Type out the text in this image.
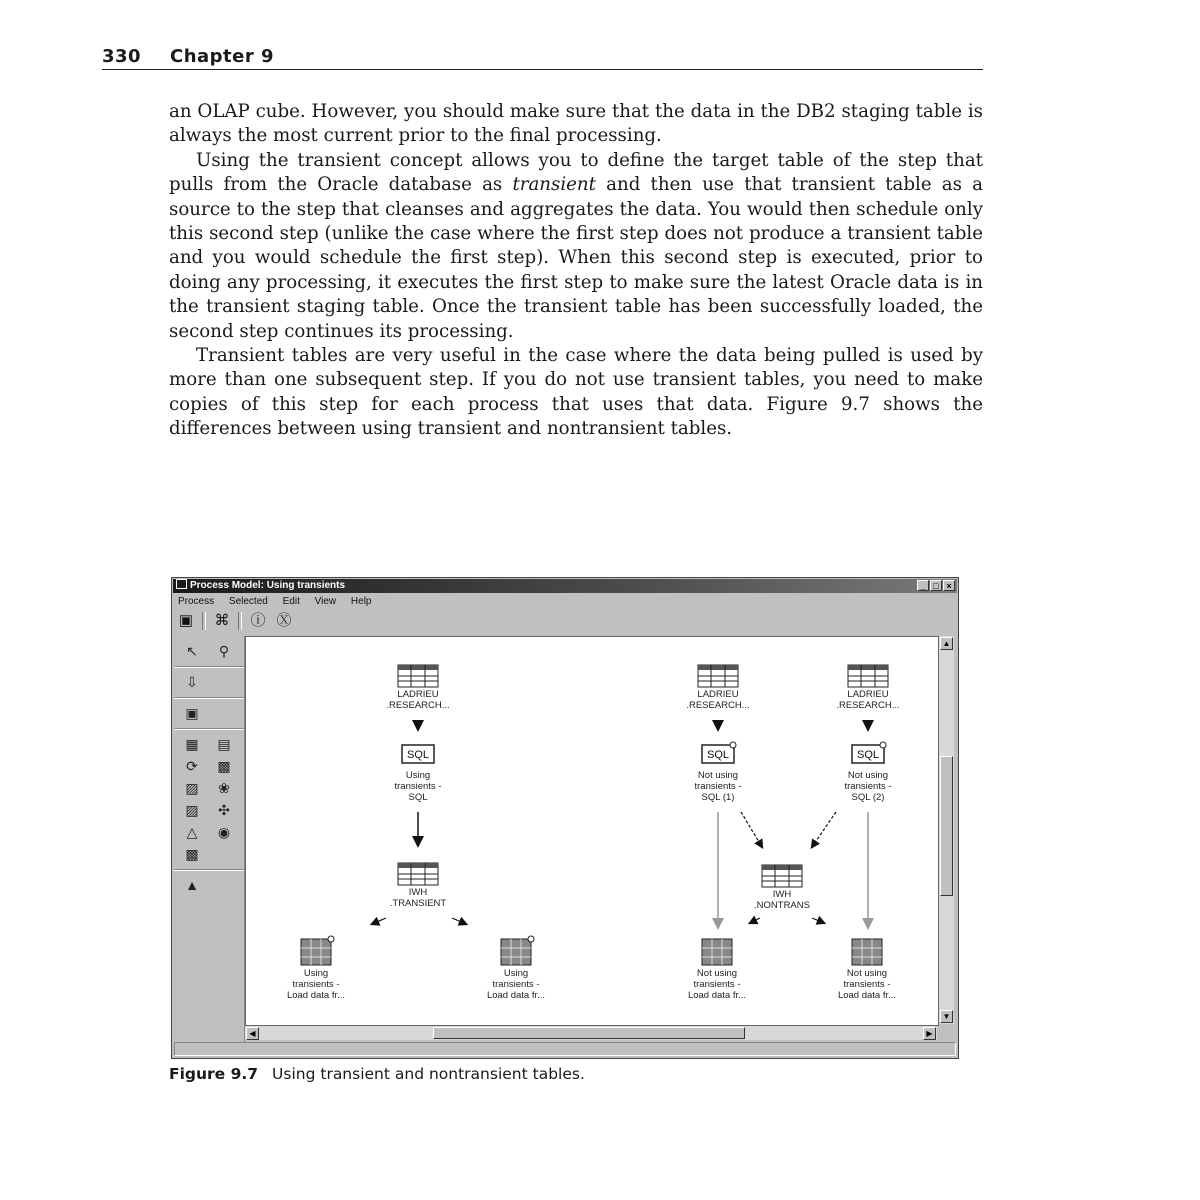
330 Chapter 9

an OLAP cube. However, you should make sure that the data in the DB2 staging table is always the most current prior to the final processing.

Using the transient concept allows you to define the target table of the step that pulls from the Oracle database as transient and then use that transient table as a source to the step that cleanses and aggregates the data. You would then schedule only this second step (unlike the case where the first step does not produce a transient table and you would schedule the first step). When this second step is executed, prior to doing any processing, it executes the first step to make sure the latest Oracle data is in the transient staging table. Once the transient table has been successfully loaded, the second step continues its processing.

Transient tables are very useful in the case where the data being pulled is used by more than one subsequent step. If you do not use transient tables, you need to make copies of this step for each process that uses that data. Figure 9.7 shows the differences between using transient and nontransient tables.

Process Model: Using transients	_ □ ×
Process Selected Edit View Help
▣ ⌘ ⓘ Ⓧ
↖ ⚲
⇩
▣
▦ ▤
⟳ ▩
▨ ❀
▨ ✣
△ ◉
▩
▲
SQL	SQL	SQL
LADRIEU
.RESEARCH...
LADRIEU
.RESEARCH...
LADRIEU
.RESEARCH...
Using
transients -
SQL
Not using
transients -
SQL (1)
Not using
transients -
SQL (2)
IWH
.TRANSIENT
IWH
.NONTRANS
Using
transients -
Load data fr...
Using
transients -
Load data fr...
Not using
transients -
Load data fr...
Not using
transients -
Load data fr...
▲
▼
◀	▶
Figure 9.7 Using transient and nontransient tables.
